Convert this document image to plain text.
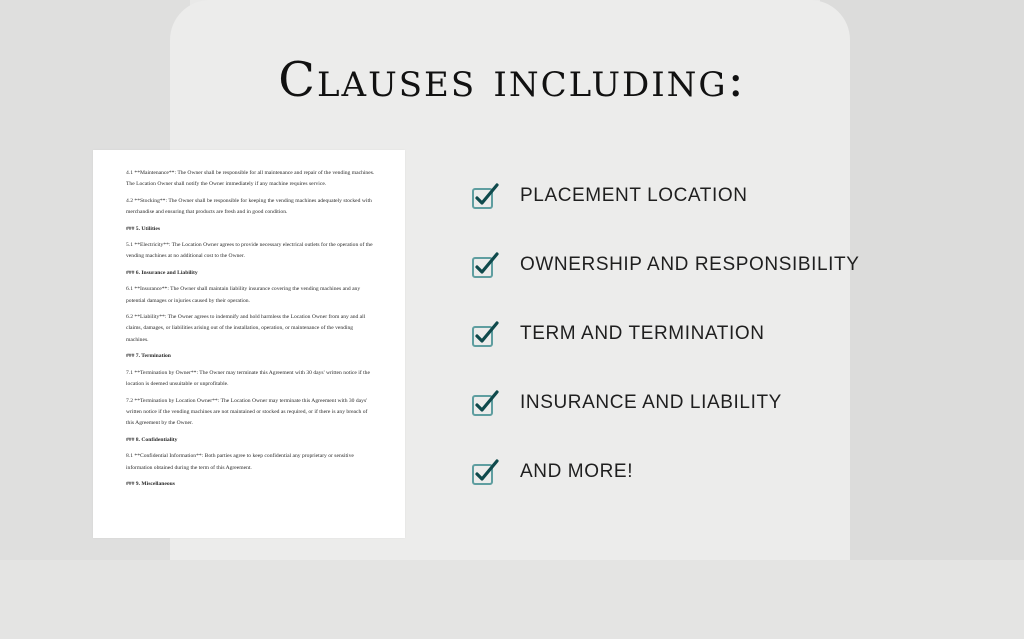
Clauses including:

4.1 **Maintenance**: The Owner shall be responsible for all maintenance and repair of the vending machines. The Location Owner shall notify the Owner immediately if any machine requires service.

4.2 **Stocking**: The Owner shall be responsible for keeping the vending machines adequately stocked with merchandise and ensuring that products are fresh and in good condition.

### 5. Utilities

5.1 **Electricity**: The Location Owner agrees to provide necessary electrical outlets for the operation of the vending machines at no additional cost to the Owner.

### 6. Insurance and Liability

6.1 **Insurance**: The Owner shall maintain liability insurance covering the vending machines and any potential damages or injuries caused by their operation.

6.2 **Liability**: The Owner agrees to indemnify and hold harmless the Location Owner from any and all claims, damages, or liabilities arising out of the installation, operation, or maintenance of the vending machines.

### 7. Termination

7.1 **Termination by Owner**: The Owner may terminate this Agreement with 30 days' written notice if the location is deemed unsuitable or unprofitable.

7.2 **Termination by Location Owner**: The Location Owner may terminate this Agreement with 30 days' written notice if the vending machines are not maintained or stocked as required, or if there is any breach of this Agreement by the Owner.

### 8. Confidentiality

8.1 **Confidential Information**: Both parties agree to keep confidential any proprietary or sensitive information obtained during the term of this Agreement.

### 9. Miscellaneous

PLACEMENT LOCATION
OWNERSHIP AND RESPONSIBILITY
TERM AND TERMINATION
INSURANCE AND LIABILITY
AND MORE!
